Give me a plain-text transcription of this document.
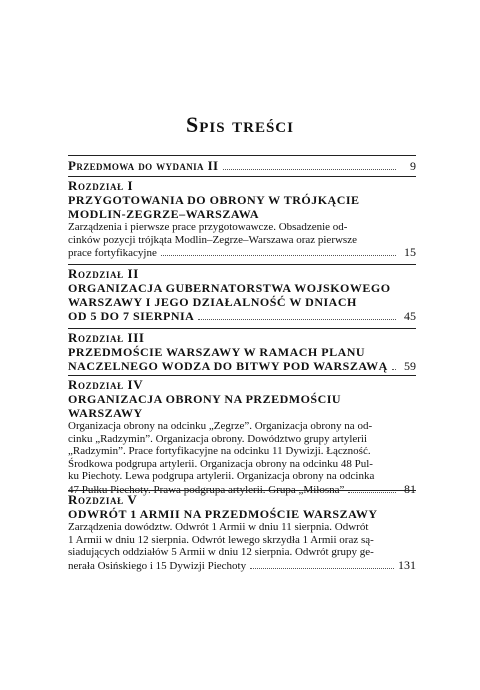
Spis treści
Przedmowa do wydania II	9
Rozdział I
PRZYGOTOWANIA DO OBRONY W TRÓJKĄCIE
MODLIN-ZEGRZE–WARSZAWA
Zarządzenia i pierwsze prace przygotowawcze. Obsadzenie od-
cinków pozycji trójkąta Modlin–Zegrze–Warszawa oraz pierwsze
prace fortyfikacyjne	15
Rozdział II
ORGANIZACJA GUBERNATORSTWA WOJSKOWEGO
WARSZAWY I JEGO DZIAŁALNOŚĆ W DNIACH
OD 5 DO 7 SIERPNIA	45
Rozdział III
PRZEDMOŚCIE WARSZAWY W RAMACH PLANU
NACZELNEGO WODZA DO BITWY POD WARSZAWĄ	59
Rozdział IV
ORGANIZACJA OBRONY NA PRZEDMOŚCIU
WARSZAWY
Organizacja obrony na odcinku „Zegrze”. Organizacja obrony na od-
cinku „Radzymin”. Organizacja obrony. Dowództwo grupy artylerii
„Radzymin”. Prace fortyfikacyjne na odcinku 11 Dywizji. Łączność.
Środkowa podgrupa artylerii. Organizacja obrony na odcinku 48 Pul-
ku Piechoty. Lewa podgrupa artylerii. Organizacja obrony na odcinka
47 Pułku Piechoty. Prawa podgrupa artylerii. Grupa „Miłosna”	81
Rozdział V
ODWRÓT 1 ARMII NA PRZEDMOŚCIE WARSZAWY
Zarządzenia dowództw. Odwrót 1 Armii w dniu 11 sierpnia. Odwrót
1 Armii w dniu 12 sierpnia. Odwrót lewego skrzydła 1 Armii oraz są-
siadujących oddziałów 5 Armii w dniu 12 sierpnia. Odwrót grupy ge-
nerała Osińskiego i 15 Dywizji Piechoty	131
